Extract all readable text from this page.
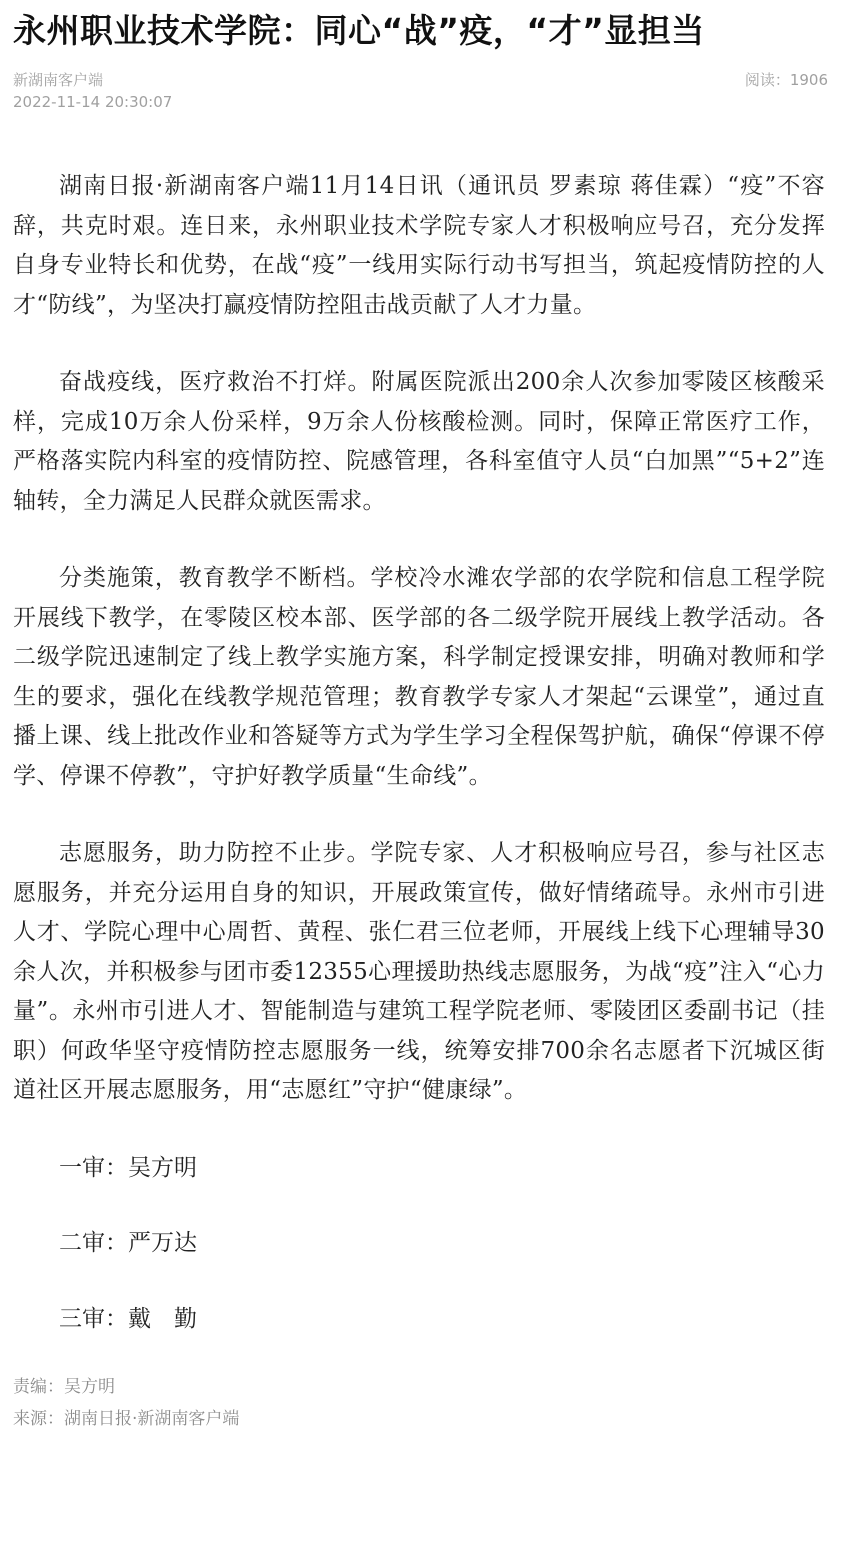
永州职业技术学院：同心“战”疫，“才”显担当
新湖南客户端
2022-11-14 20:30:07
阅读：1906

湖南日报·新湖南客户端11月14日讯（通讯员 罗素琼 蒋佳霖）“疫”不容辞，共克时艰。连日来，永州职业技术学院专家人才积极响应号召，充分发挥自身专业特长和优势，在战“疫”一线用实际行动书写担当，筑起疫情防控的人才“防线”，为坚决打赢疫情防控阻击战贡献了人才力量。

奋战疫线，医疗救治不打烊。附属医院派出200余人次参加零陵区核酸采样，完成10万余人份采样，9万余人份核酸检测。同时，保障正常医疗工作，严格落实院内科室的疫情防控、院感管理，各科室值守人员“白加黑”“5+2”连轴转，全力满足人民群众就医需求。

分类施策，教育教学不断档。学校冷水滩农学部的农学院和信息工程学院开展线下教学，在零陵区校本部、医学部的各二级学院开展线上教学活动。各二级学院迅速制定了线上教学实施方案，科学制定授课安排，明确对教师和学生的要求，强化在线教学规范管理；教育教学专家人才架起“云课堂”，通过直播上课、线上批改作业和答疑等方式为学生学习全程保驾护航，确保“停课不停学、停课不停教”，守护好教学质量“生命线”。

志愿服务，助力防控不止步。学院专家、人才积极响应号召，参与社区志愿服务，并充分运用自身的知识，开展政策宣传，做好情绪疏导。永州市引进人才、学院心理中心周哲、黄程、张仁君三位老师，开展线上线下心理辅导30余人次，并积极参与团市委12355心理援助热线志愿服务，为战“疫”注入“心力量”。永州市引进人才、智能制造与建筑工程学院老师、零陵团区委副书记（挂职）何政华坚守疫情防控志愿服务一线，统筹安排700余名志愿者下沉城区街道社区开展志愿服务，用“志愿红”守护“健康绿”。

一审：吴方明

二审：严万达

三审：戴　勤

责编：吴方明
来源：湖南日报·新湖南客户端
